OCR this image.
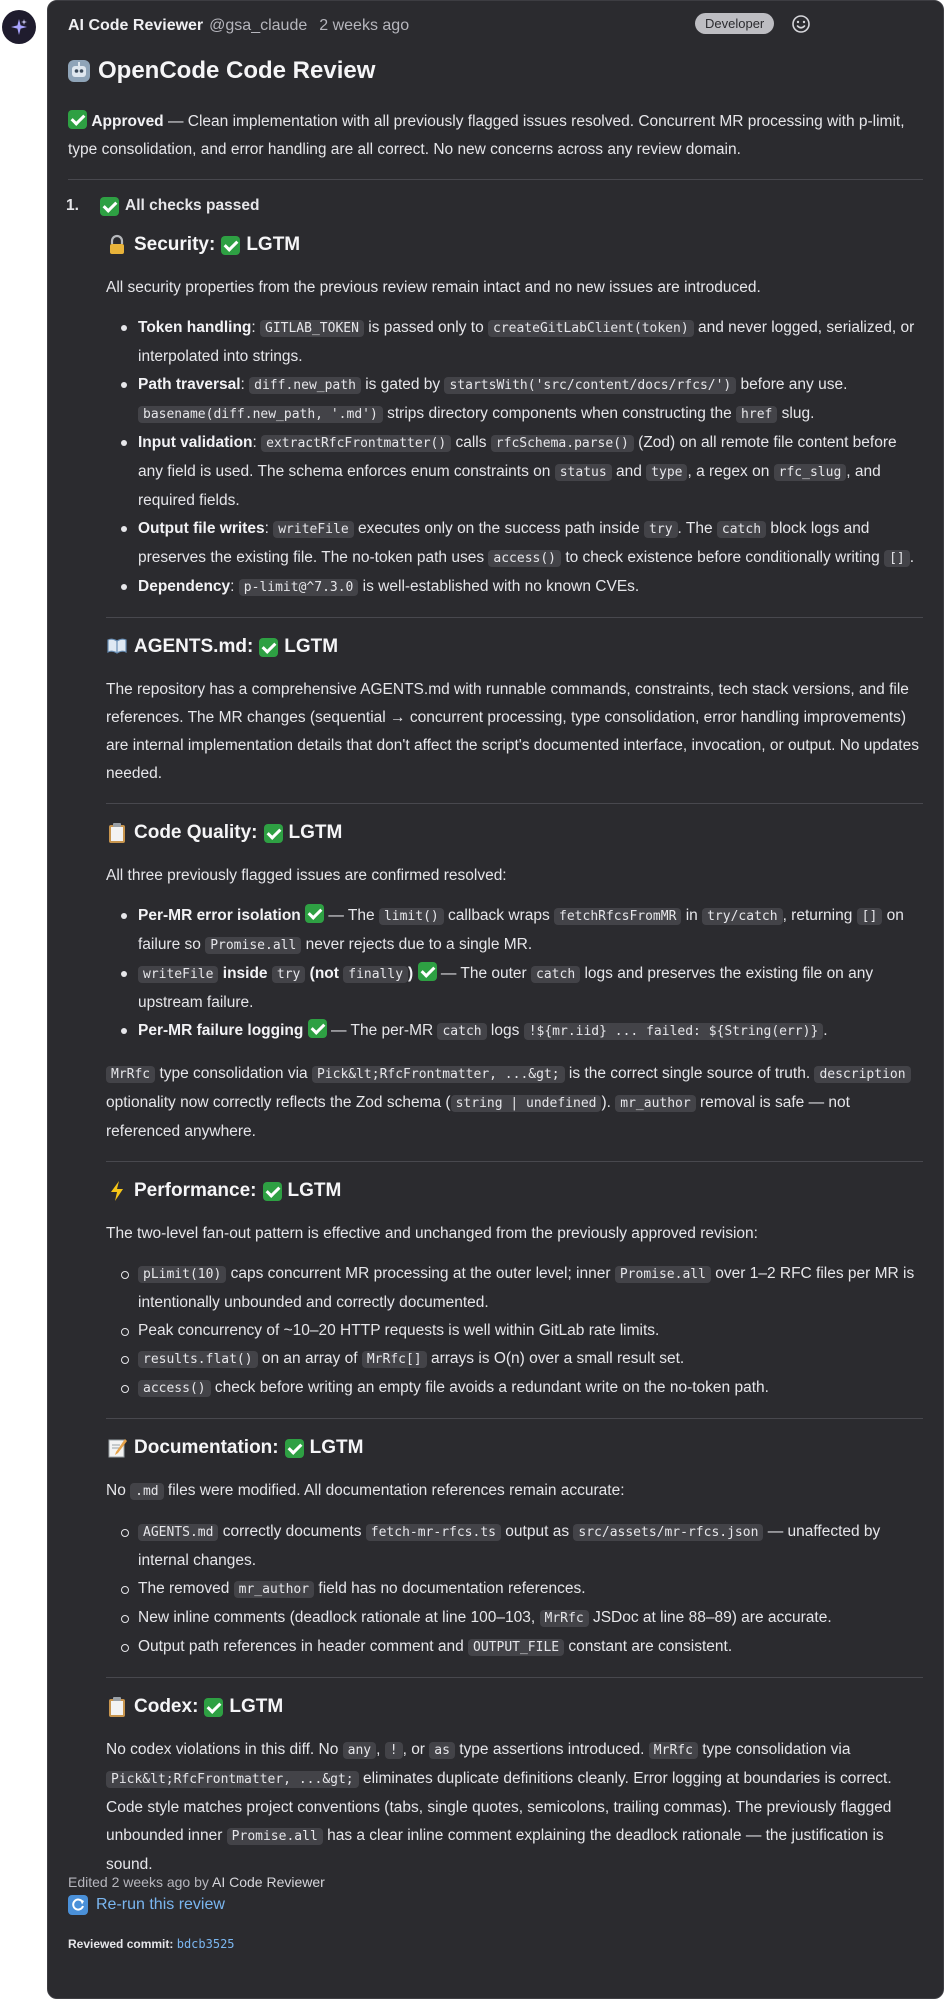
AI Code Reviewer @gsa_claude 2 weeks ago	Developer
OpenCode Code Review

Approved — Clean implementation with all previously flagged issues resolved. Concurrent MR processing with p-limit, type consolidation, and error handling are all correct. No new concerns across any review domain.

1.	All checks passed
Security: LGTM

All security properties from the previous review remain intact and no new issues are introduced.

Token handling: GITLAB_TOKEN is passed only to createGitLabClient(token) and never logged, serialized, or interpolated into strings.
Path traversal: diff.new_path is gated by startsWith('src/content/docs/rfcs/') before any use. basename(diff.new_path, '.md') strips directory components when constructing the href slug.
Input validation: extractRfcFrontmatter() calls rfcSchema.parse() (Zod) on all remote file content before any field is used. The schema enforces enum constraints on status and type , a regex on rfc_slug , and required fields.
Output file writes: writeFile executes only on the success path inside try . The catch block logs and preserves the existing file. The no-token path uses access() to check existence before conditionally writing [] .
Dependency: p-limit@^7.3.0 is well-established with no known CVEs.
AGENTS.md: LGTM

The repository has a comprehensive AGENTS.md with runnable commands, constraints, tech stack versions, and file references. The MR changes (sequential → concurrent processing, type consolidation, error handling improvements) are internal implementation details that don't affect the script's documented interface, invocation, or output. No updates needed.

Code Quality: LGTM

All three previously flagged issues are confirmed resolved:

Per-MR error isolation  — The limit() callback wraps fetchRfcsFromMR in try/catch , returning [] on failure so Promise.all never rejects due to a single MR.
writeFile inside try (not finally )  — The outer catch logs and preserves the existing file on any upstream failure.
Per-MR failure logging  — The per-MR catch logs !${mr.iid} ... failed: ${String(err)} .

MrRfc type consolidation via Pick&lt;RfcFrontmatter, ...&gt; is the correct single source of truth. description optionality now correctly reflects the Zod schema ( string | undefined ). mr_author removal is safe — not referenced anywhere.

Performance: LGTM

The two-level fan-out pattern is effective and unchanged from the previously approved revision:

pLimit(10) caps concurrent MR processing at the outer level; inner Promise.all over 1–2 RFC files per MR is intentionally unbounded and correctly documented.
Peak concurrency of ~10–20 HTTP requests is well within GitLab rate limits.
results.flat() on an array of MrRfc[] arrays is O(n) over a small result set.
access() check before writing an empty file avoids a redundant write on the no-token path.
Documentation: LGTM

No .md files were modified. All documentation references remain accurate:

AGENTS.md correctly documents fetch-mr-rfcs.ts output as src/assets/mr-rfcs.json — unaffected by internal changes.
The removed mr_author field has no documentation references.
New inline comments (deadlock rationale at line 100–103, MrRfc JSDoc at line 88–89) are accurate.
Output path references in header comment and OUTPUT_FILE constant are consistent.
Codex: LGTM

No codex violations in this diff. No any , ! , or as type assertions introduced. MrRfc type consolidation via Pick&lt;RfcFrontmatter, ...&gt; eliminates duplicate definitions cleanly. Error logging at boundaries is correct. Code style matches project conventions (tabs, single quotes, semicolons, trailing commas). The previously flagged unbounded inner Promise.all has a clear inline comment explaining the deadlock rationale — the justification is sound.

Re-run this review
Reviewed commit: bdcb3525
Edited 2 weeks ago by AI Code Reviewer
